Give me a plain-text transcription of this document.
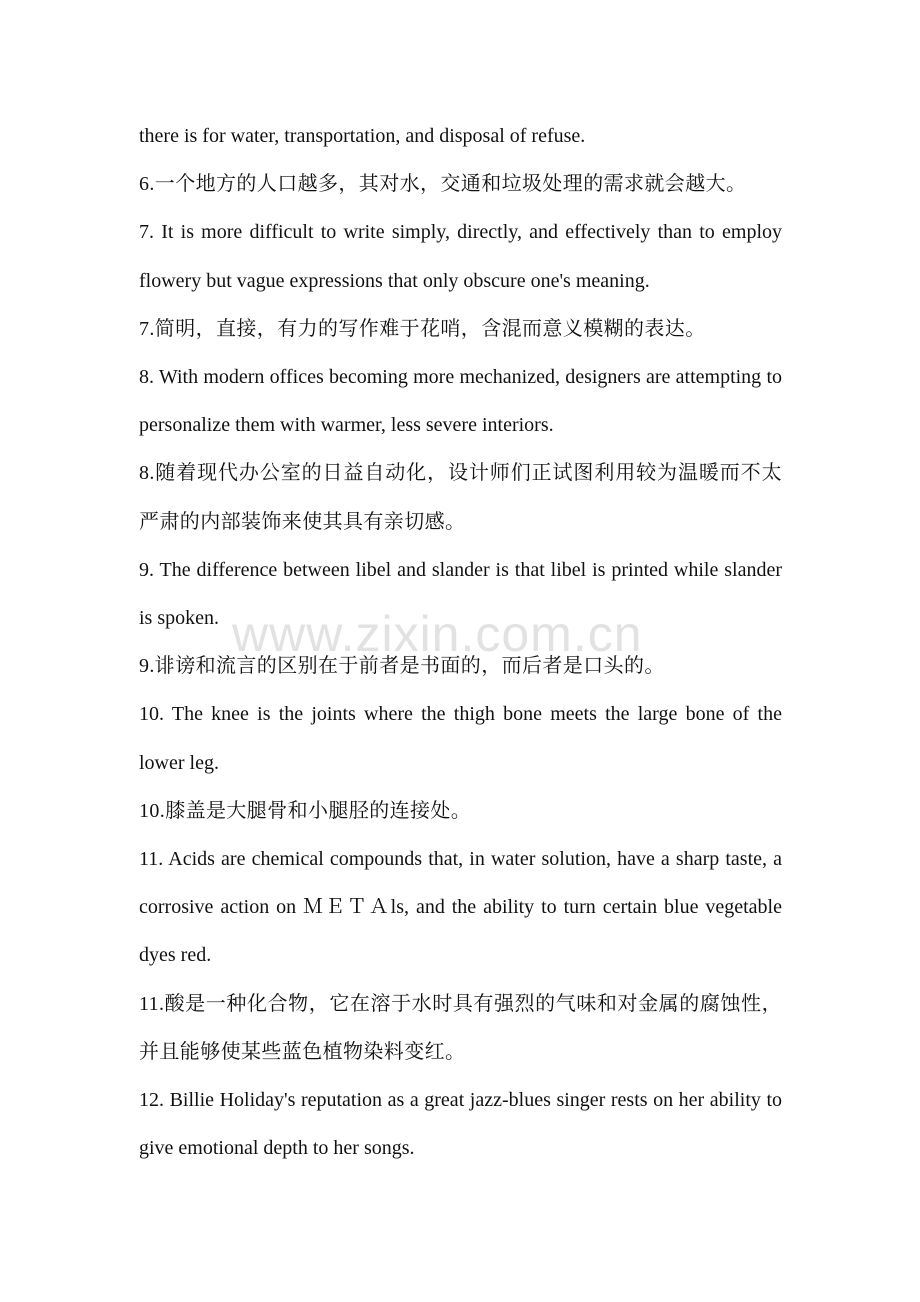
there is for water, transportation, and disposal of refuse.

6.一个地方的人口越多，其对水，交通和垃圾处理的需求就会越大。

7. It is more difficult to write simply, directly, and effectively than to employ flowery but vague expressions that only obscure one's meaning.

7.简明，直接，有力的写作难于花哨，含混而意义模糊的表达。

8. With modern offices becoming more mechanized, designers are attempting to personalize them with warmer, less severe interiors.

8.随着现代办公室的日益自动化，设计师们正试图利用较为温暖而不太严肃的内部装饰来使其具有亲切感。

9. The difference between libel and slander is that libel is printed while slander is spoken.

9.诽谤和流言的区别在于前者是书面的，而后者是口头的。

10. The knee is the joints where the thigh bone meets the large bone of the lower leg.

10.膝盖是大腿骨和小腿胫的连接处。

11. Acids are chemical compounds that, in water solution, have a sharp taste, a corrosive action on ＭＥＴＡls, and the ability to turn certain blue vegetable dyes red.

11.酸是一种化合物，它在溶于水时具有强烈的气味和对金属的腐蚀性，并且能够使某些蓝色植物染料变红。

12. Billie Holiday's reputation as a great jazz-blues singer rests on her ability to give emotional depth to her songs.

www.zixin.com.cn
